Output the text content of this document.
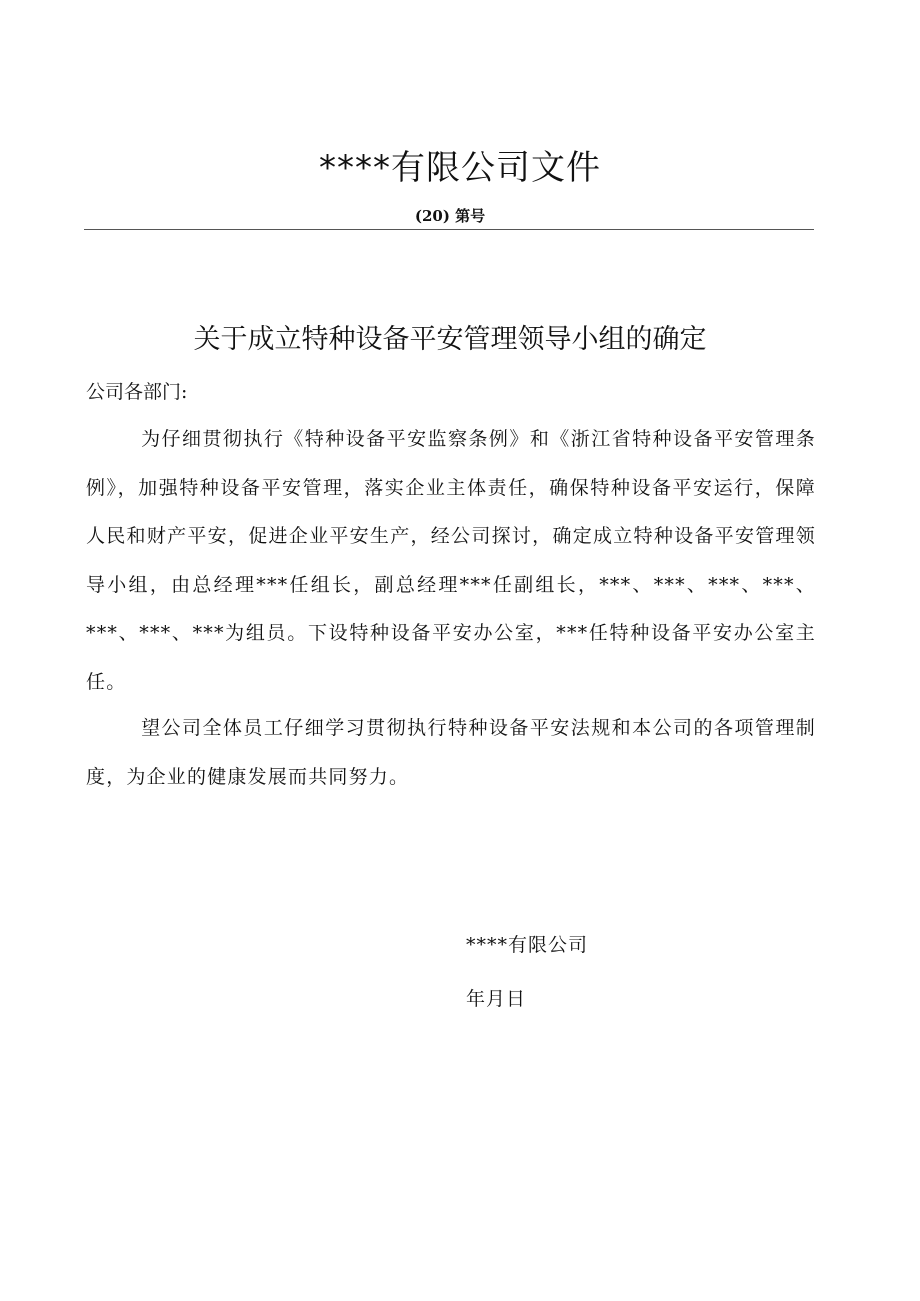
****有限公司文件
(20) 第号
关于成立特种设备平安管理领导小组的确定
公司各部门:

为仔细贯彻执行《特种设备平安监察条例》和《浙江省特种设备平安管理条例》，加强特种设备平安管理，落实企业主体责任，确保特种设备平安运行，保障人民和财产平安，促进企业平安生产，经公司探讨，确定成立特种设备平安管理领导小组，由总经理***任组长，副总经理***任副组长，***、***、***、***、***、***、***为组员。下设特种设备平安办公室，***任特种设备平安办公室主任。

望公司全体员工仔细学习贯彻执行特种设备平安法规和本公司的各项管理制度，为企业的健康发展而共同努力。

****有限公司
年月日
